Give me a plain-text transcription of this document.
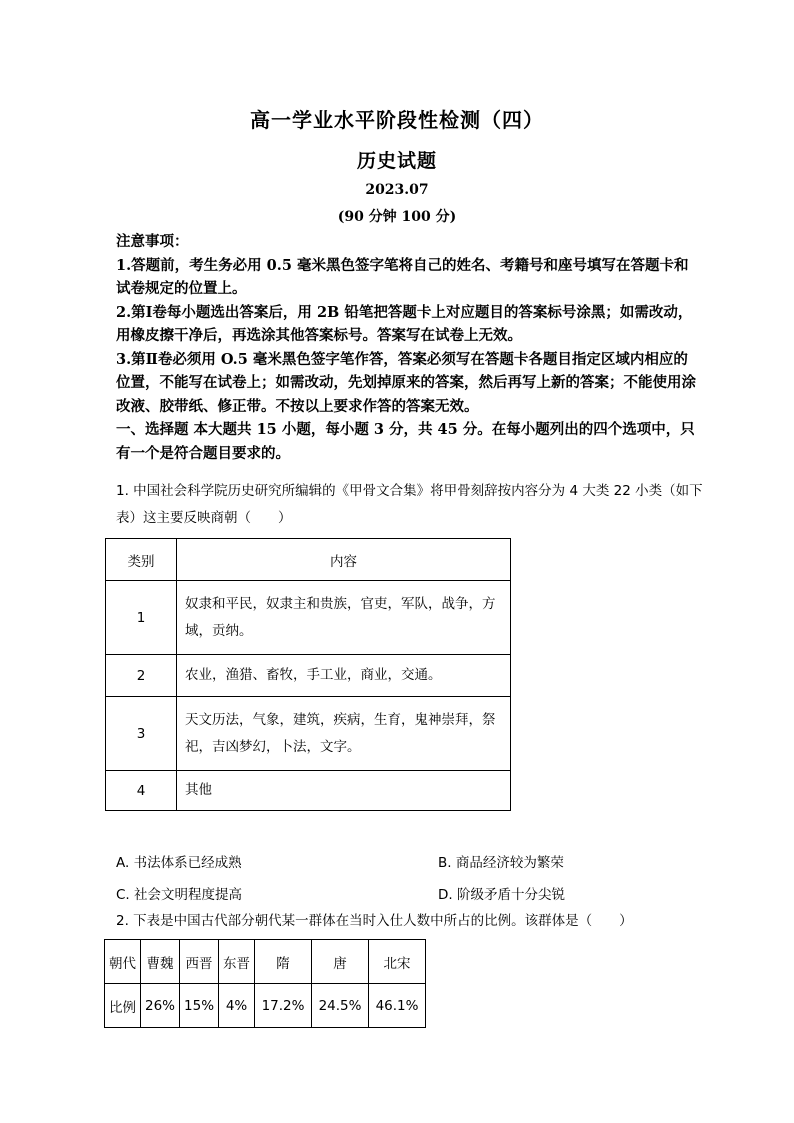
高一学业水平阶段性检测（四）
历史试题
2023.07
(90 分钟 100 分)

注意事项：

1.答题前，考生务必用 0.5 毫米黑色签字笔将自己的姓名、考籍号和座号填写在答题卡和试卷规定的位置上。

2.第Ⅰ卷每小题选出答案后，用 2B 铅笔把答题卡上对应题目的答案标号涂黑；如需改动，用橡皮擦干净后，再选涂其他答案标号。答案写在试卷上无效。

3.第Ⅱ卷必须用 O.5 毫米黑色签字笔作答，答案必须写在答题卡各题目指定区域内相应的位置，不能写在试卷上；如需改动，先划掉原来的答案，然后再写上新的答案；不能使用涂改液、胶带纸、修正带。不按以上要求作答的答案无效。

一、选择题 本大题共 15 小题，每小题 3 分，共 45 分。在每小题列出的四个选项中，只有一个是符合题目要求的。

1. 中国社会科学院历史研究所编辑的《甲骨文合集》将甲骨刻辞按内容分为 4 大类 22 小类（如下表）这主要反映商朝（　　）
类别	内容
1	奴隶和平民，奴隶主和贵族，官吏，军队，战争，方域，贡纳。
2	农业，渔猎、畜牧，手工业，商业，交通。
3	天文历法，气象，建筑，疾病，生育，鬼神崇拜，祭祀，吉凶梦幻，卜法，文字。
4	其他
A. 书法体系已经成熟	B. 商品经济较为繁荣
C. 社会文明程度提高	D. 阶级矛盾十分尖锐
2. 下表是中国古代部分朝代某一群体在当时入仕人数中所占的比例。该群体是（　　）
朝代	曹魏	西晋	东晋	隋	唐	北宋
比例	26%	15%	4%	17.2%	24.5%	46.1%
